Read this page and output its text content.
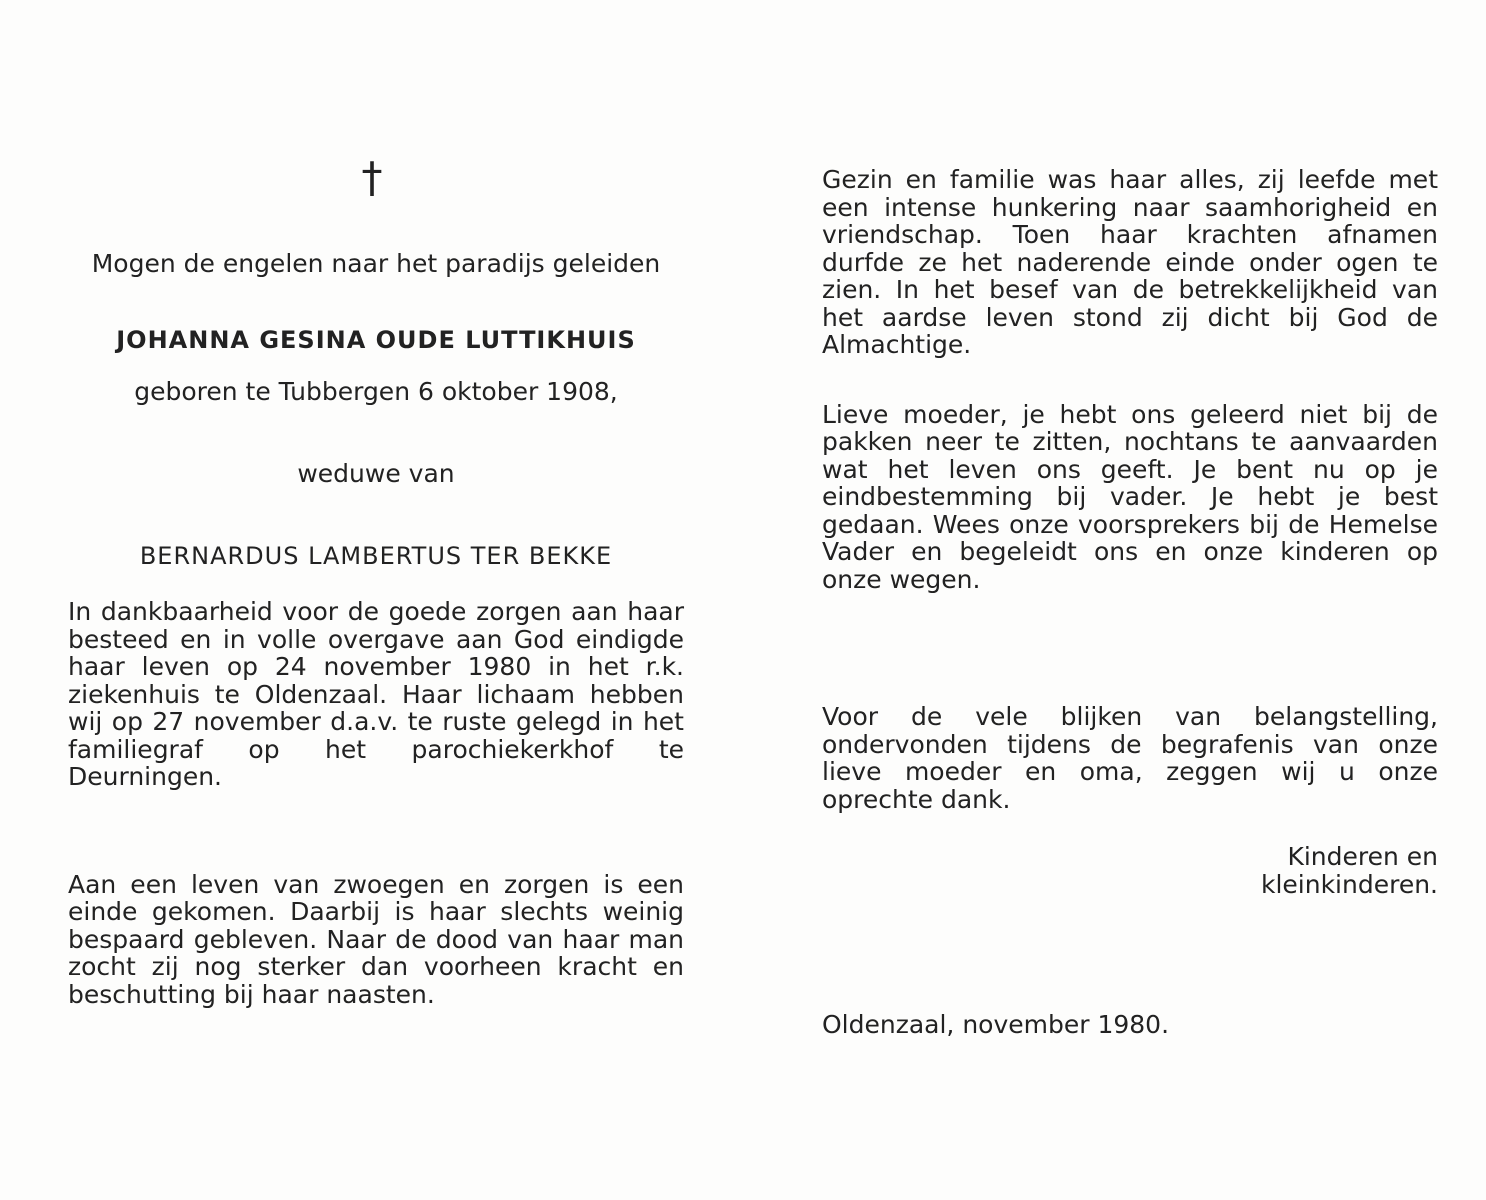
†
Mogen de engelen naar het paradijs geleiden
JOHANNA GESINA OUDE LUTTIKHUIS
geboren te Tubbergen 6 oktober 1908,
weduwe van
BERNARDUS LAMBERTUS TER BEKKE

In dankbaarheid voor de goede zorgen aan haar besteed en in volle overgave aan God eindigde haar leven op 24 november 1980 in het r.k. ziekenhuis te Oldenzaal. Haar lichaam hebben wij op 27 november d.a.v. te ruste gelegd in het familiegraf op het parochiekerkhof te Deurningen.

Aan een leven van zwoegen en zorgen is een einde gekomen. Daarbij is haar slechts weinig bespaard gebleven. Naar de dood van haar man zocht zij nog sterker dan voorheen kracht en beschutting bij haar naasten.

Gezin en familie was haar alles, zij leefde met een intense hunkering naar saamhorigheid en vriendschap. Toen haar krachten afnamen durfde ze het naderende einde onder ogen te zien. In het besef van de betrekkelijkheid van het aardse leven stond zij dicht bij God de Almachtige.

Lieve moeder, je hebt ons geleerd niet bij de pakken neer te zitten, nochtans te aanvaarden wat het leven ons geeft. Je bent nu op je eindbestemming bij vader. Je hebt je best gedaan. Wees onze voorsprekers bij de Hemelse Vader en begeleidt ons en onze kinderen op onze wegen.

Voor de vele blijken van belangstelling, ondervonden tijdens de begrafenis van onze lieve moeder en oma, zeggen wij u onze oprechte dank.

Kinderen en
kleinkinderen.
Oldenzaal, november 1980.
